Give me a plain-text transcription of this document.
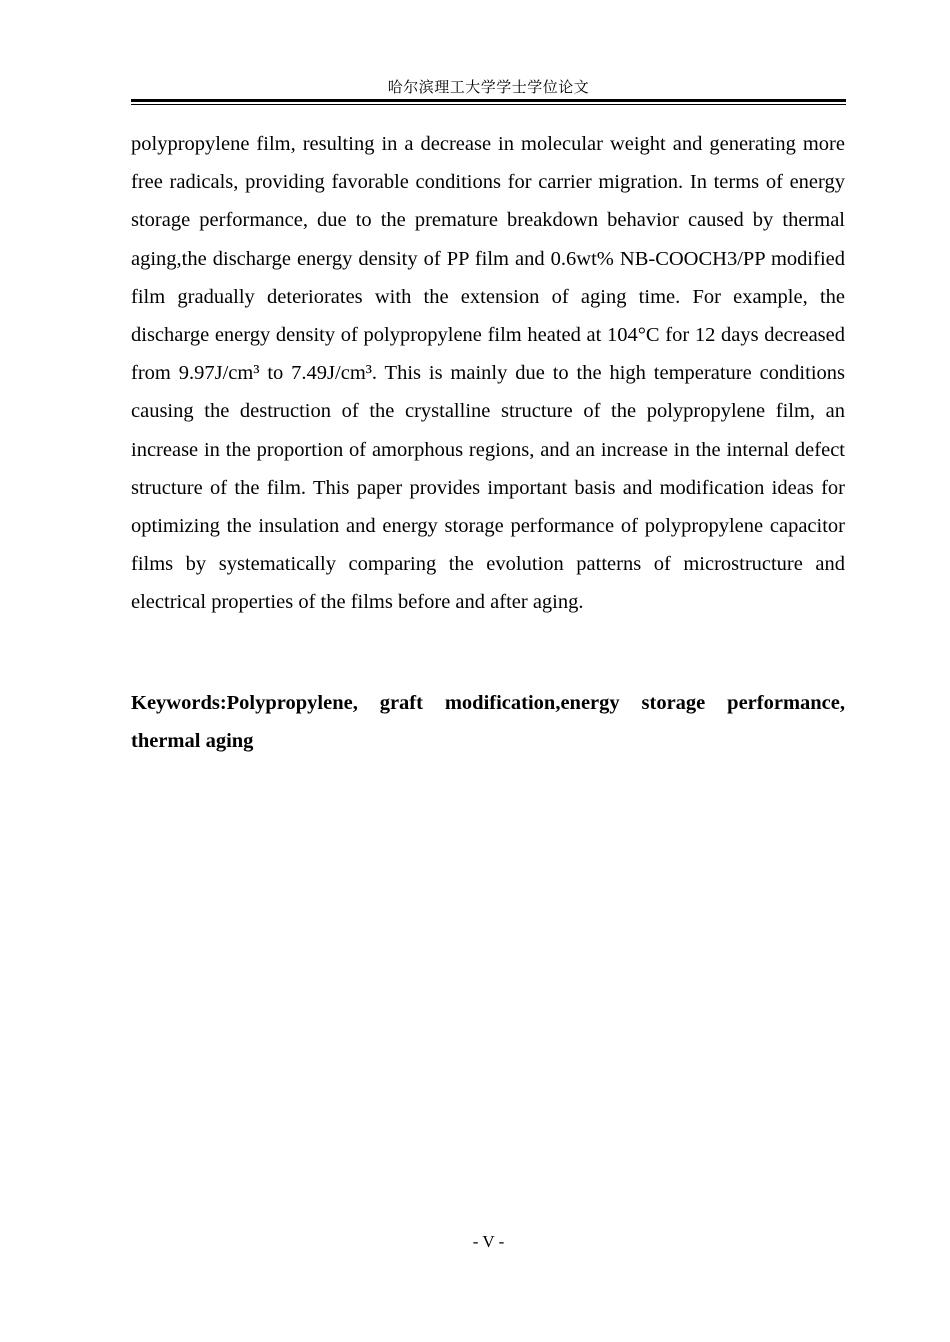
哈尔滨理工大学学士学位论文

polypropylene film, resulting in a decrease in molecular weight and generating more free radicals, providing favorable conditions for carrier migration. In terms of energy storage performance, due to the premature breakdown behavior caused by thermal aging,the discharge energy density of PP film and 0.6wt% NB-COOCH3/PP modified film gradually deteriorates with the extension of aging time. For example, the discharge energy density of polypropylene film heated at 104°C for 12 days decreased from 9.97J/cm³ to 7.49J/cm³. This is mainly due to the high temperature conditions causing the destruction of the crystalline structure of the polypropylene film, an increase in the proportion of amorphous regions, and an increase in the internal defect structure of the film. This paper provides important basis and modification ideas for optimizing the insulation and energy storage performance of polypropylene capacitor films by systematically comparing the evolution patterns of microstructure and electrical properties of the films before and after aging.

Keywords:Polypropylene, graft modification,energy storage performance, thermal aging

- V -
